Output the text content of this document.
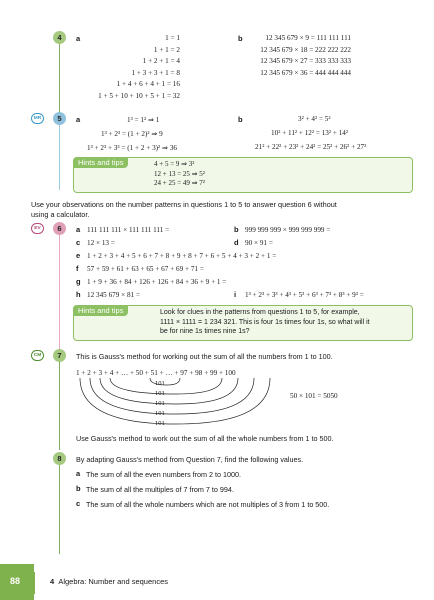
4	a	1 = 1
1 + 1 = 2
1 + 2 + 1 = 4
1 + 3 + 3 + 1 = 8
1 + 4 + 6 + 4 + 1 = 16
1 + 5 + 10 + 10 + 5 + 1 = 32
b	12 345 679 × 9 = 111 111 111
12 345 679 × 18 = 222 222 222
12 345 679 × 27 = 333 333 333
12 345 679 × 36 = 444 444 444
MR	5	a	1³ = 1² ⇒ 1
1³ + 2³ = (1 + 2)² ⇒ 9
1³ + 2³ + 3³ = (1 + 2 + 3)² ⇒ 36
b	3² + 4² = 5²
10² + 11² + 12² = 13² + 14²
21² + 22² + 23² + 24² = 25² + 26² + 27²
Hints and tips	4 + 5 = 9 ⇒ 3²
12 + 13 = 25 ⇒ 5²
24 + 25 = 49 ⇒ 7²
Use your observations on the number patterns in questions 1 to 5 to answer question 6 without
using a calculator.
EV	6	a 111 111 111 × 111 111 111 =	b 999 999 999 × 999 999 999 =
c 12 × 13 =	d 90 × 91 =
e 1 + 2 + 3 + 4 + 5 + 6 + 7 + 8 + 9 + 8 + 7 + 6 + 5 + 4 + 3 + 2 + 1 =
f 57 + 59 + 61 + 63 + 65 + 67 + 69 + 71 =
g 1 + 9 + 36 + 84 + 126 + 126 + 84 + 36 + 9 + 1 =
h 12 345 679 × 81 =	i 1³ + 2³ + 3³ + 4³ + 5³ + 6³ + 7³ + 8³ + 9³ =
Hints and tips	Look for clues in the patterns from questions 1 to 5, for example,
1111 × 1111 = 1 234 321. This is four 1s times four 1s, so what will it
be for nine 1s times nine 1s?
CM	7	This is Gauss's method for working out the sum of all the numbers from 1 to 100.
1 + 2 + 3 + 4 + … + 50 + 51 + … + 97 + 98 + 99 + 100
101
101
101
101
101
50 × 101 = 5050
Use Gauss's method to work out the sum of all the whole numbers from 1 to 500.
8	By adapting Gauss's method from Question 7, find the following values.
a The sum of all the even numbers from 2 to 1000.
b The sum of all the multiples of 7 from 7 to 994.
c The sum of all the whole numbers which are not multiples of 3 from 1 to 500.
88	4 Algebra: Number and sequences
